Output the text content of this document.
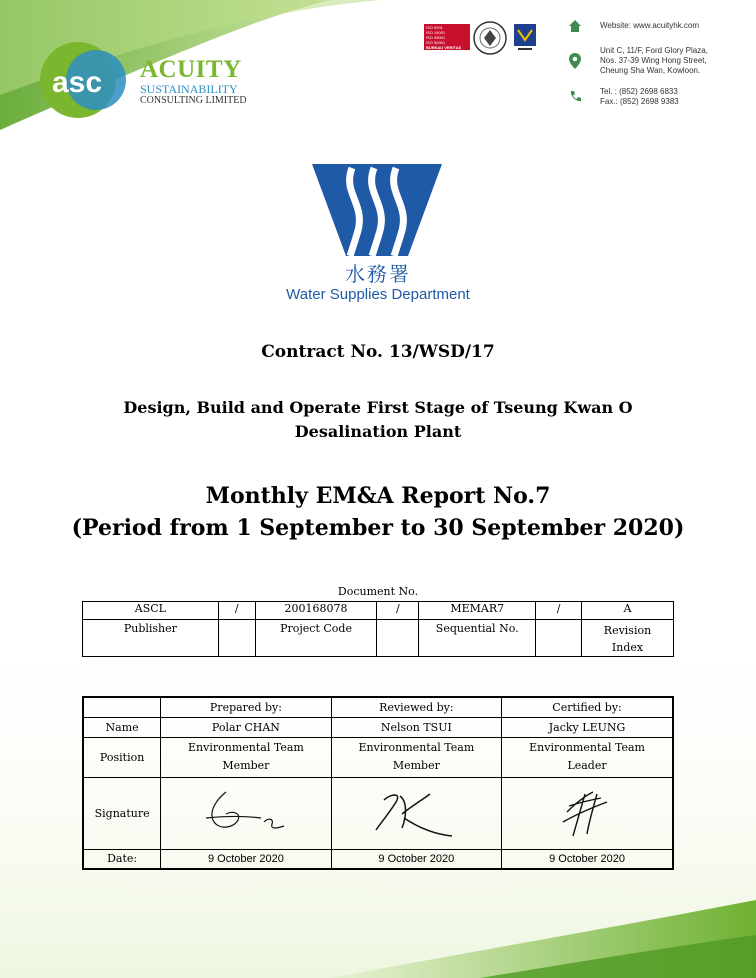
asc ACUITY
SUSTAINABILITY
CONSULTING LIMITED
ISO 9001
ISO 14001
ISO 45001
ISO 50001
BUREAU VERITAS Certification
Website: www.acuityhk.com
Unit C, 11/F, Ford Glory Plaza,
Nos. 37-39 Wing Hong Street,
Cheung Sha Wan, Kowloon.
Tel. : (852) 2698 6833
Fax.: (852) 2698 9383
水務署
Water Supplies Department
Contract No. 13/WSD/17
Design, Build and Operate First Stage of Tseung Kwan O
Desalination Plant
Monthly EM&A Report No.7
(Period from 1 September to 30 September 2020)
Document No.
ASCL	/	200168078	/	MEMAR7	/	A
Publisher		Project Code		Sequential No.		Revision Index
	Prepared by:	Reviewed by:	Certified by:
Name	Polar CHAN	Nelson TSUI	Jacky LEUNG
Position	Environmental Team Member	Environmental Team Member	Environmental Team Leader
Signature			
Date:	9 October 2020	9 October 2020	9 October 2020
